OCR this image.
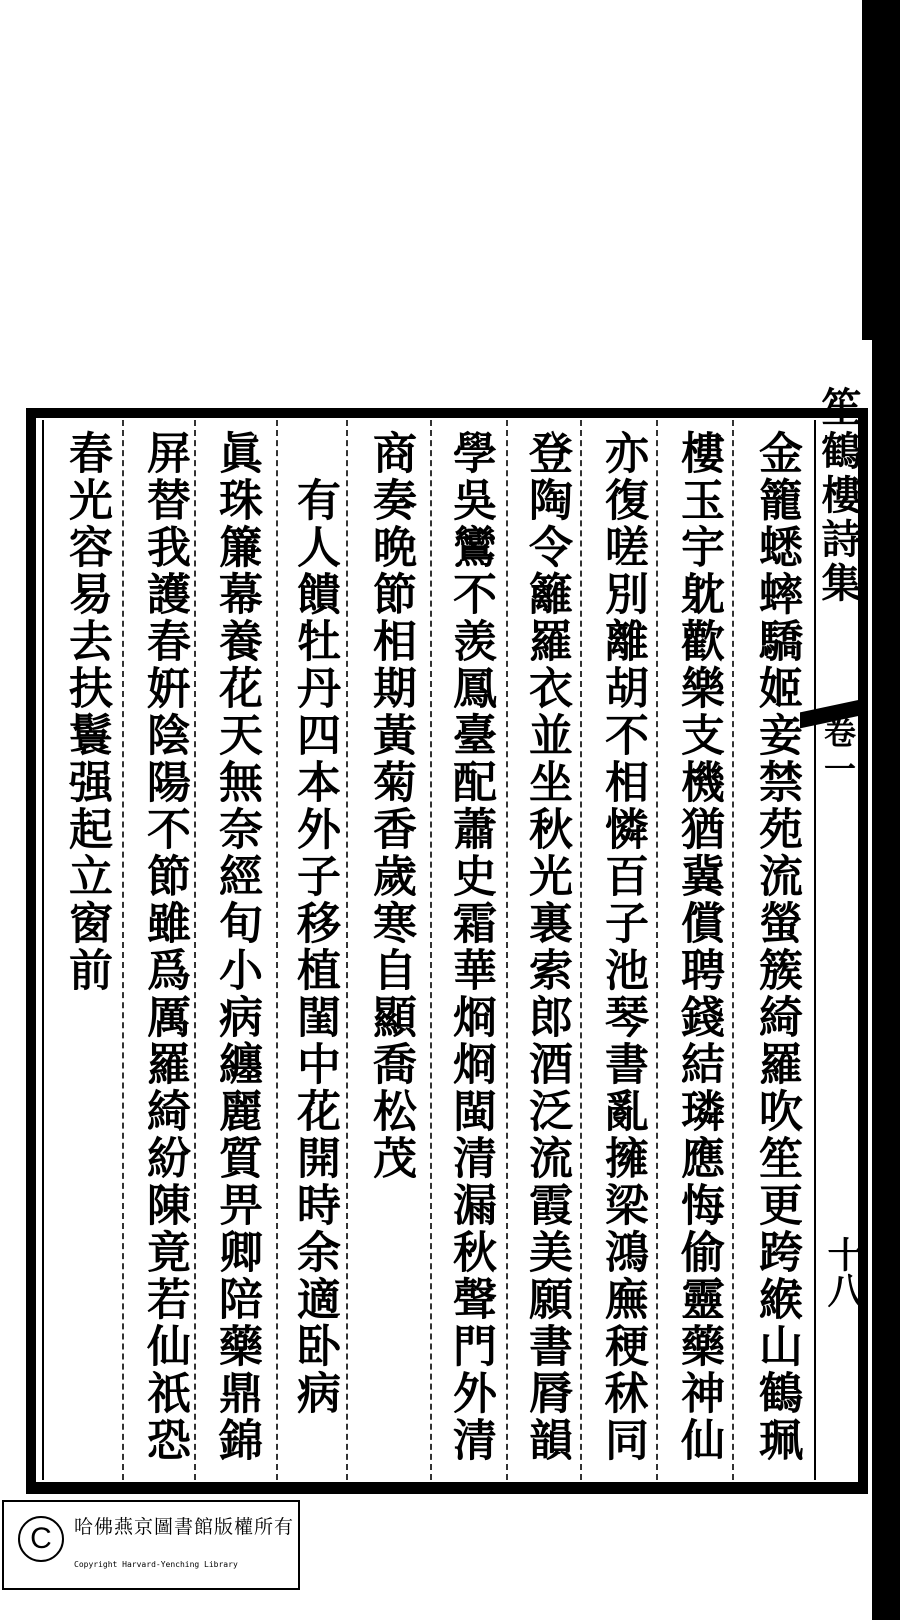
笙鶴樓詩集
卷一
十八
金籠蟋蟀驕姬妾禁苑流螢簇綺羅吹笙更跨緱山鶴珮
樓玉宇躭歡樂支機猶冀償聘錢結璘應悔偷靈藥神仙
亦復嗟別離胡不相憐百子池琴書亂擁梁鴻廡稉秫同
登陶令籬羅衣並坐秋光裏索郎酒泛流霞美願書脣韻
學吳鸞不羡鳳臺配蕭史霜華烱烱閩清漏秋聲門外清
商奏晩節相期黃菊香歲寒自顯喬松茂
　有人饋牡丹四本外子移植閨中花開時余適卧病
眞珠簾幕養花天無奈經旬小病纏麗質畀卿陪藥鼎錦
屏替我護春姸陰陽不節雖爲厲羅綺紛陳竟若仙祇恐
春光容易去扶鬟强起立窗前
C	哈佛燕京圖書館版權所有
Copyright Harvard-Yenching Library
